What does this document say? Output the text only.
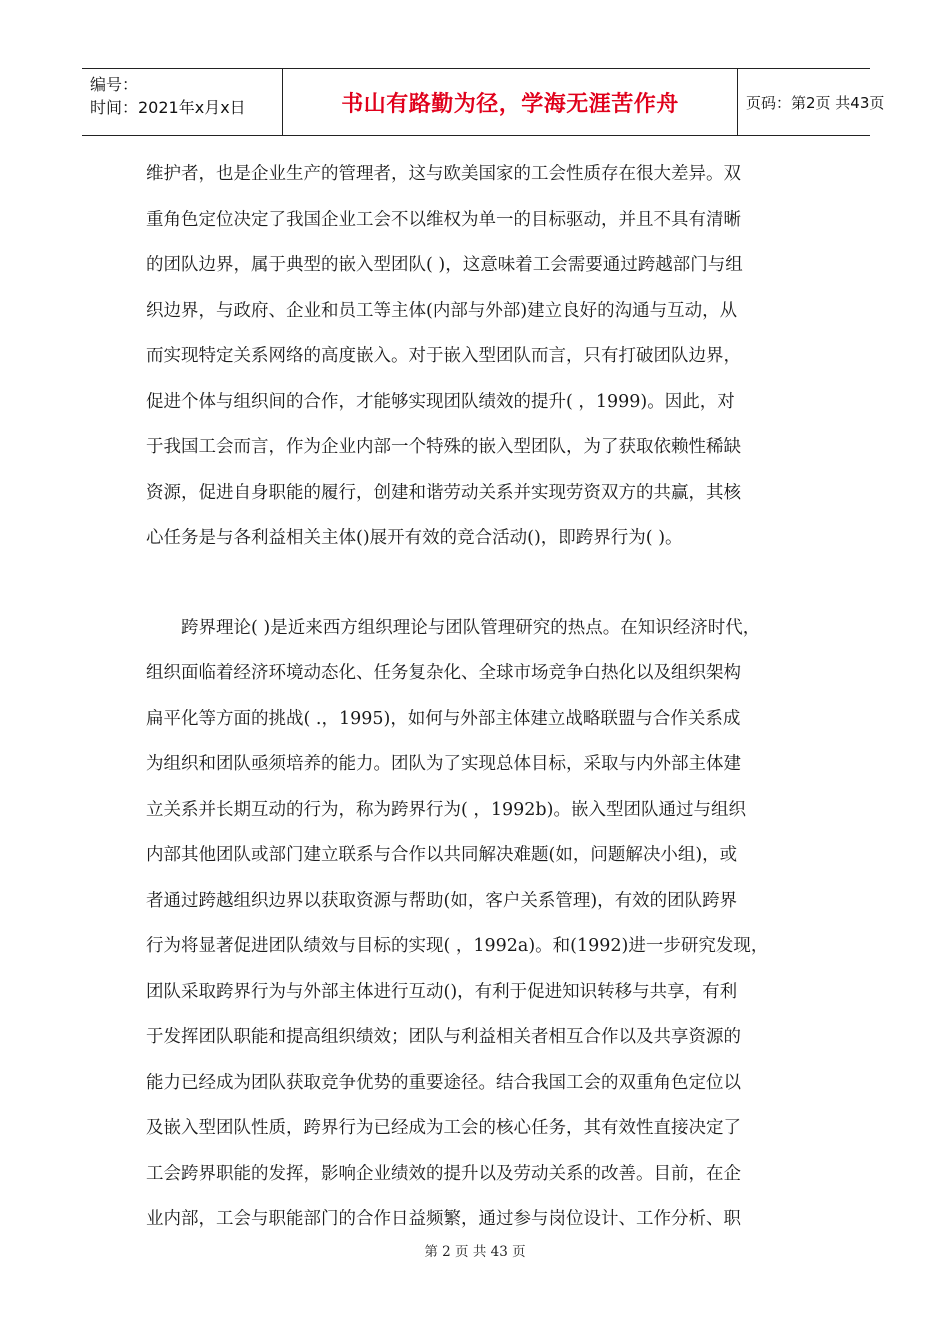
编号：
时间：2021年x月x日	书山有路勤为径，学海无涯苦作舟	页码：第2页 共43页
维护者，也是企业生产的管理者，这与欧美国家的工会性质存在很大差异。双
重角色定位决定了我国企业工会不以维权为单一的目标驱动，并且不具有清晰
的团队边界，属于典型的嵌入型团队( )，这意味着工会需要通过跨越部门与组
织边界，与政府、企业和员工等主体(内部与外部)建立良好的沟通与互动，从
而实现特定关系网络的高度嵌入。对于嵌入型团队而言，只有打破团队边界，
促进个体与组织间的合作，才能够实现团队绩效的提升( ，1999)。因此，对
于我国工会而言，作为企业内部一个特殊的嵌入型团队，为了获取依赖性稀缺
资源，促进自身职能的履行，创建和谐劳动关系并实现劳资双方的共赢，其核
心任务是与各利益相关主体()展开有效的竞合活动()，即跨界行为( )。
跨界理论( )是近来西方组织理论与团队管理研究的热点。在知识经济时代，
组织面临着经济环境动态化、任务复杂化、全球市场竞争白热化以及组织架构
扁平化等方面的挑战( .，1995)，如何与外部主体建立战略联盟与合作关系成
为组织和团队亟须培养的能力。团队为了实现总体目标，采取与内外部主体建
立关系并长期互动的行为，称为跨界行为( ，1992b)。嵌入型团队通过与组织
内部其他团队或部门建立联系与合作以共同解决难题(如，问题解决小组)，或
者通过跨越组织边界以获取资源与帮助(如，客户关系管理)，有效的团队跨界
行为将显著促进团队绩效与目标的实现( ，1992a)。和(1992)进一步研究发现，
团队采取跨界行为与外部主体进行互动()，有利于促进知识转移与共享，有利
于发挥团队职能和提高组织绩效；团队与利益相关者相互合作以及共享资源的
能力已经成为团队获取竞争优势的重要途径。结合我国工会的双重角色定位以
及嵌入型团队性质，跨界行为已经成为工会的核心任务，其有效性直接决定了
工会跨界职能的发挥，影响企业绩效的提升以及劳动关系的改善。目前，在企
业内部，工会与职能部门的合作日益频繁，通过参与岗位设计、工作分析、职
第 2 页 共 43 页
